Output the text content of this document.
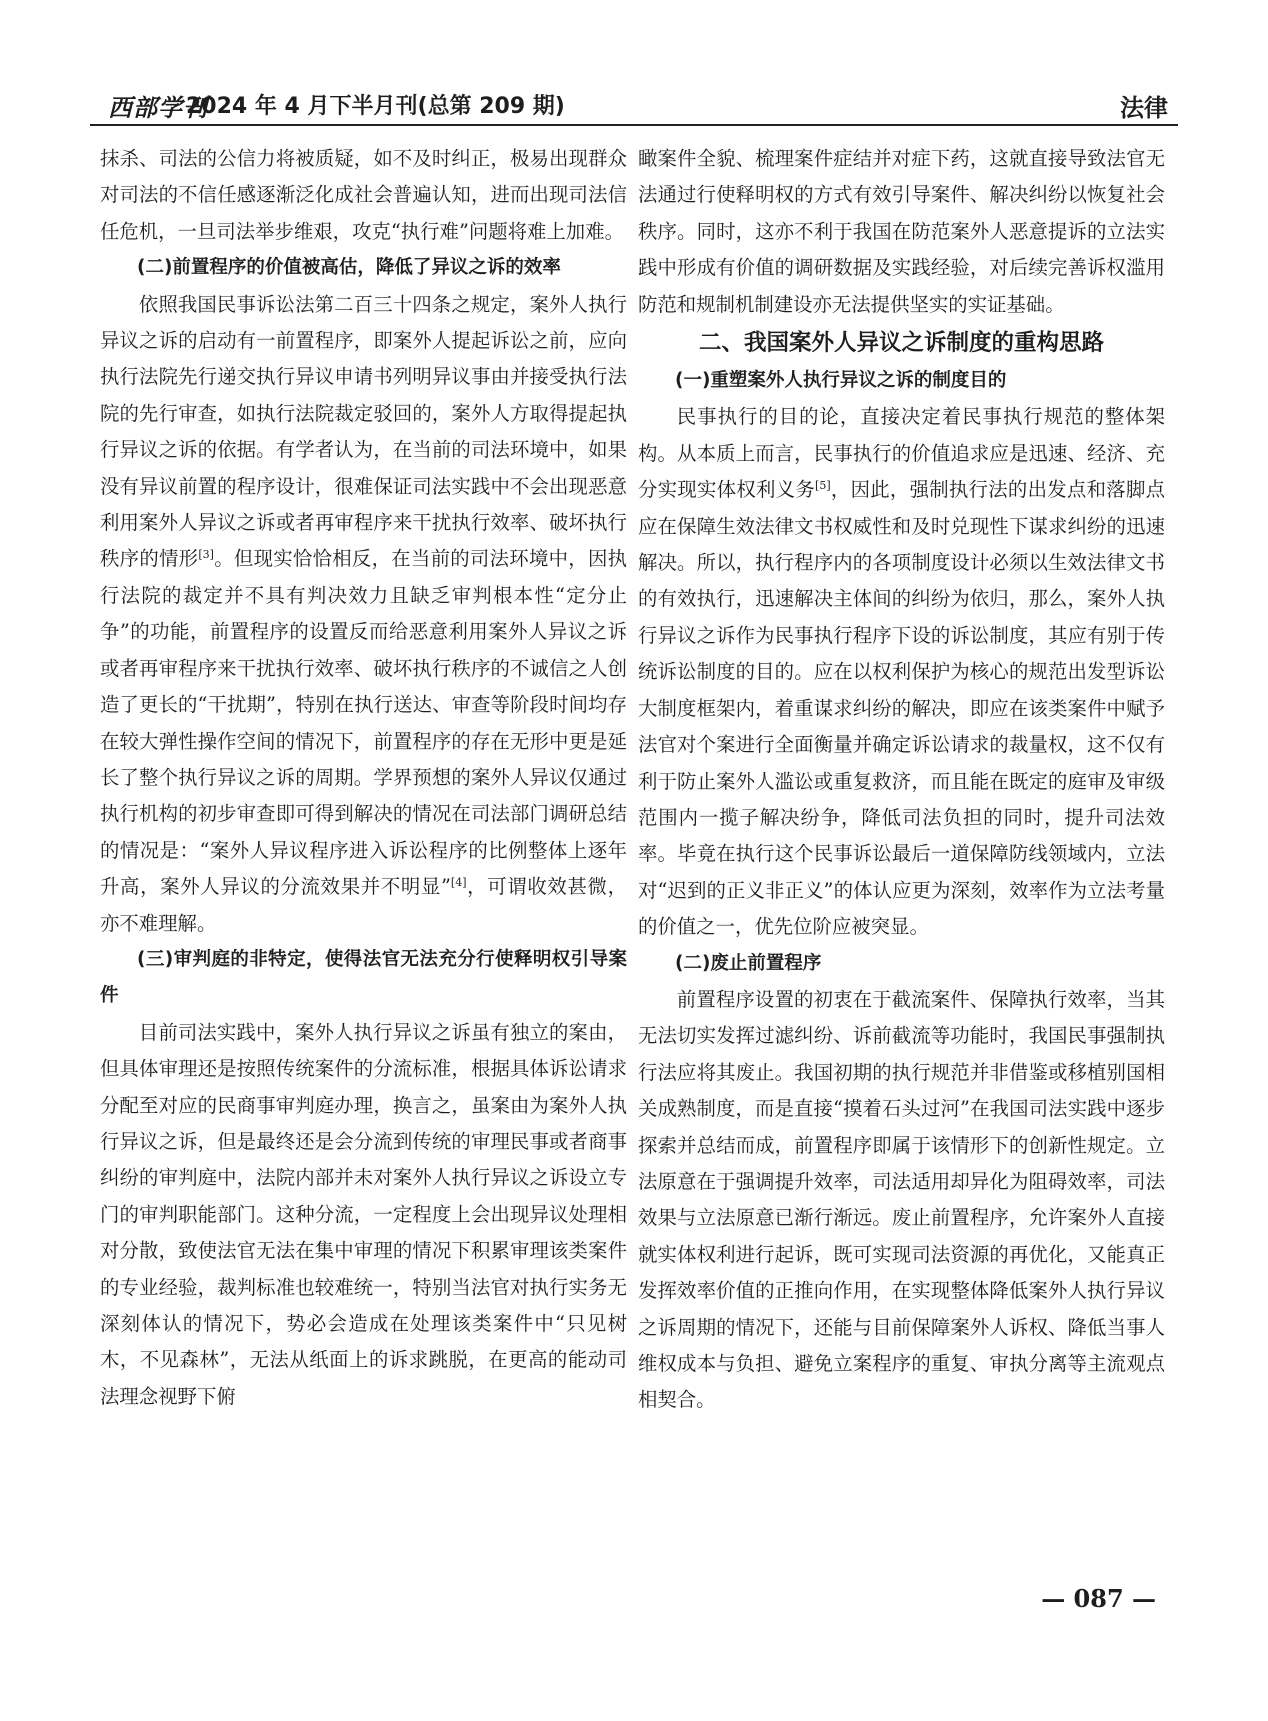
西部学刊
2024 年 4 月下半月刊(总第 209 期)	法律

抹杀、司法的公信力将被质疑，如不及时纠正，极易出现群众对司法的不信任感逐渐泛化成社会普遍认知，进而出现司法信任危机，一旦司法举步维艰，攻克“执行难”问题将难上加难。

(二)前置程序的价值被高估，降低了异议之诉的效率

依照我国民事诉讼法第二百三十四条之规定，案外人执行异议之诉的启动有一前置程序，即案外人提起诉讼之前，应向执行法院先行递交执行异议申请书列明异议事由并接受执行法院的先行审查，如执行法院裁定驳回的，案外人方取得提起执行异议之诉的依据。有学者认为，在当前的司法环境中，如果没有异议前置的程序设计，很难保证司法实践中不会出现恶意利用案外人异议之诉或者再审程序来干扰执行效率、破坏执行秩序的情形[3]。但现实恰恰相反，在当前的司法环境中，因执行法院的裁定并不具有判决效力且缺乏审判根本性“定分止争”的功能，前置程序的设置反而给恶意利用案外人异议之诉或者再审程序来干扰执行效率、破坏执行秩序的不诚信之人创造了更长的“干扰期”，特别在执行送达、审查等阶段时间均存在较大弹性操作空间的情况下，前置程序的存在无形中更是延长了整个执行异议之诉的周期。学界预想的案外人异议仅通过执行机构的初步审查即可得到解决的情况在司法部门调研总结的情况是：“案外人异议程序进入诉讼程序的比例整体上逐年升高，案外人异议的分流效果并不明显”[4]，可谓收效甚微，亦不难理解。

(三)审判庭的非特定，使得法官无法充分行使释明权引导案件

目前司法实践中，案外人执行异议之诉虽有独立的案由，但具体审理还是按照传统案件的分流标准，根据具体诉讼请求分配至对应的民商事审判庭办理，换言之，虽案由为案外人执行异议之诉，但是最终还是会分流到传统的审理民事或者商事纠纷的审判庭中，法院内部并未对案外人执行异议之诉设立专门的审判职能部门。这种分流，一定程度上会出现异议处理相对分散，致使法官无法在集中审理的情况下积累审理该类案件的专业经验，裁判标准也较难统一，特别当法官对执行实务无深刻体认的情况下，势必会造成在处理该类案件中“只见树木，不见森林”，无法从纸面上的诉求跳脱，在更高的能动司法理念视野下俯

瞰案件全貌、梳理案件症结并对症下药，这就直接导致法官无法通过行使释明权的方式有效引导案件、解决纠纷以恢复社会秩序。同时，这亦不利于我国在防范案外人恶意提诉的立法实践中形成有价值的调研数据及实践经验，对后续完善诉权滥用防范和规制机制建设亦无法提供坚实的实证基础。

二、我国案外人异议之诉制度的重构思路
(一)重塑案外人执行异议之诉的制度目的

民事执行的目的论，直接决定着民事执行规范的整体架构。从本质上而言，民事执行的价值追求应是迅速、经济、充分实现实体权利义务[5]，因此，强制执行法的出发点和落脚点应在保障生效法律文书权威性和及时兑现性下谋求纠纷的迅速解决。所以，执行程序内的各项制度设计必须以生效法律文书的有效执行，迅速解决主体间的纠纷为依归，那么，案外人执行异议之诉作为民事执行程序下设的诉讼制度，其应有别于传统诉讼制度的目的。应在以权利保护为核心的规范出发型诉讼大制度框架内，着重谋求纠纷的解决，即应在该类案件中赋予法官对个案进行全面衡量并确定诉讼请求的裁量权，这不仅有利于防止案外人滥讼或重复救济，而且能在既定的庭审及审级范围内一揽子解决纷争，降低司法负担的同时，提升司法效率。毕竟在执行这个民事诉讼最后一道保障防线领域内，立法对“迟到的正义非正义”的体认应更为深刻，效率作为立法考量的价值之一，优先位阶应被突显。

(二)废止前置程序

前置程序设置的初衷在于截流案件、保障执行效率，当其无法切实发挥过滤纠纷、诉前截流等功能时，我国民事强制执行法应将其废止。我国初期的执行规范并非借鉴或移植别国相关成熟制度，而是直接“摸着石头过河”在我国司法实践中逐步探索并总结而成，前置程序即属于该情形下的创新性规定。立法原意在于强调提升效率，司法适用却异化为阻碍效率，司法效果与立法原意已渐行渐远。废止前置程序，允许案外人直接就实体权利进行起诉，既可实现司法资源的再优化，又能真正发挥效率价值的正推向作用，在实现整体降低案外人执行异议之诉周期的情况下，还能与目前保障案外人诉权、降低当事人维权成本与负担、避免立案程序的重复、审执分离等主流观点相契合。

— 087 —
